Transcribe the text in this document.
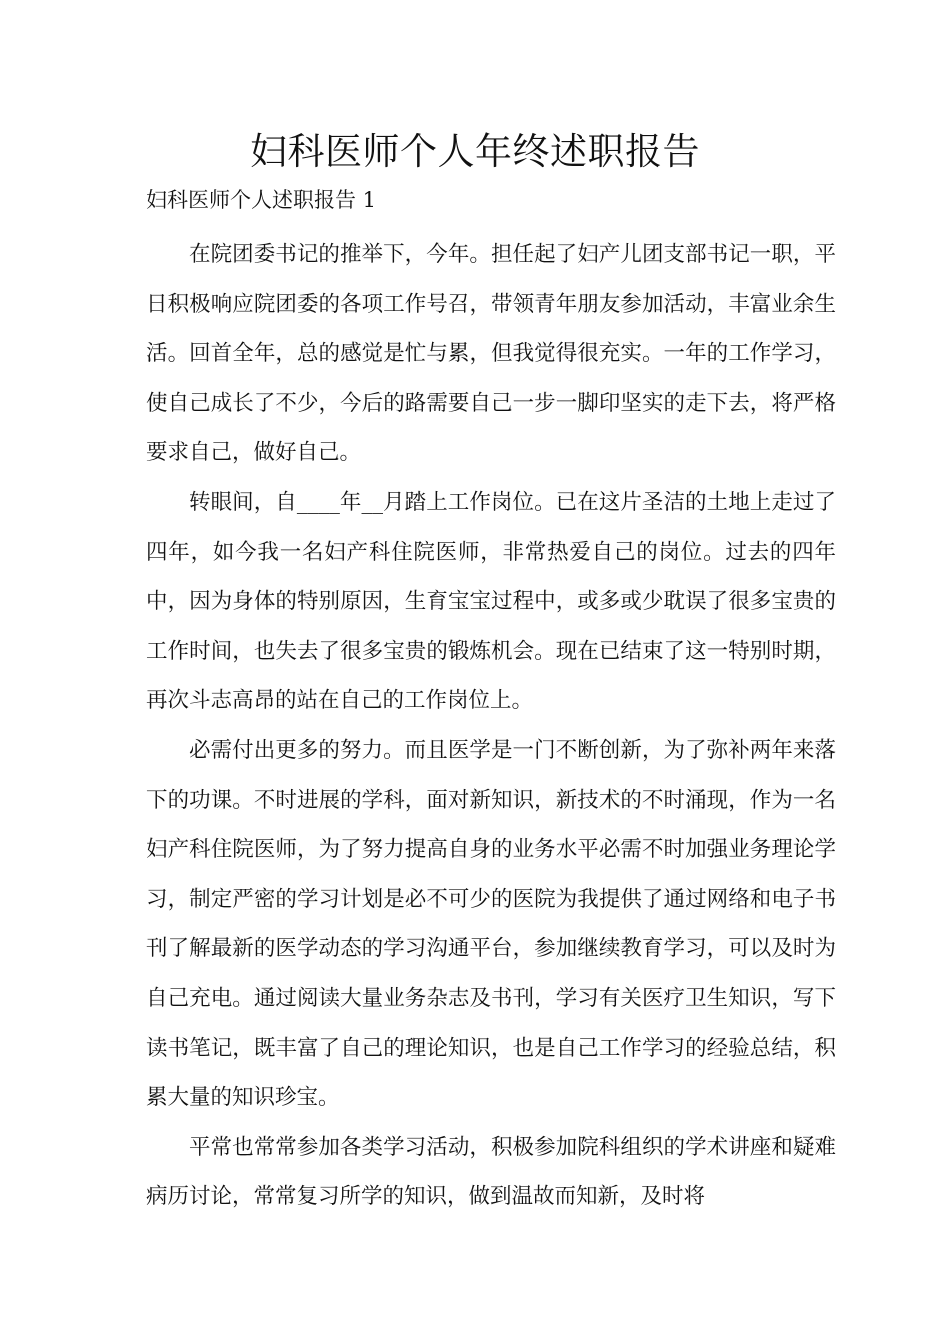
妇科医师个人年终述职报告

妇科医师个人述职报告 1

在院团委书记的推举下，今年。担任起了妇产儿团支部书记一职，平日积极响应院团委的各项工作号召，带领青年朋友参加活动，丰富业余生活。回首全年，总的感觉是忙与累，但我觉得很充实。一年的工作学习，使自己成长了不少，今后的路需要自己一步一脚印坚实的走下去，将严格要求自己，做好自己。

转眼间，自____年__月踏上工作岗位。已在这片圣洁的土地上走过了四年，如今我一名妇产科住院医师，非常热爱自己的岗位。过去的四年中，因为身体的特别原因，生育宝宝过程中，或多或少耽误了很多宝贵的工作时间，也失去了很多宝贵的锻炼机会。现在已结束了这一特别时期，再次斗志高昂的站在自己的工作岗位上。

必需付出更多的努力。而且医学是一门不断创新，为了弥补两年来落下的功课。不时进展的学科，面对新知识，新技术的不时涌现，作为一名妇产科住院医师，为了努力提高自身的业务水平必需不时加强业务理论学习，制定严密的学习计划是必不可少的医院为我提供了通过网络和电子书刊了解最新的医学动态的学习沟通平台，参加继续教育学习，可以及时为自己充电。通过阅读大量业务杂志及书刊，学习有关医疗卫生知识，写下读书笔记，既丰富了自己的理论知识，也是自己工作学习的经验总结，积累大量的知识珍宝。

平常也常常参加各类学习活动，积极参加院科组织的学术讲座和疑难病历讨论，常常复习所学的知识，做到温故而知新，及时将
